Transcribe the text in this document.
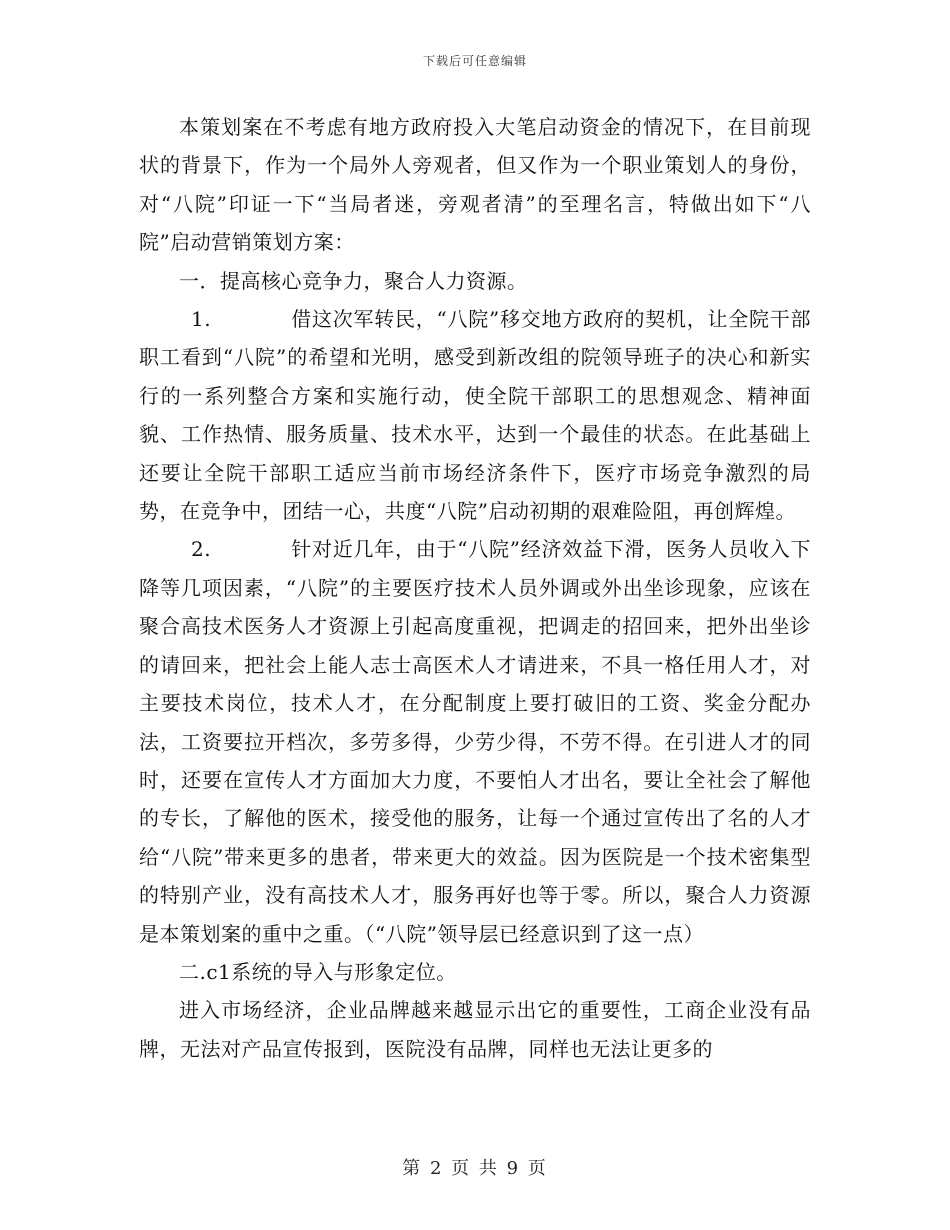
下载后可任意编辑

本策划案在不考虑有地方政府投入大笔启动资金的情况下，在目前现状的背景下，作为一个局外人旁观者，但又作为一个职业策划人的身份，对“八院”印证一下“当局者迷，旁观者清”的至理名言，特做出如下“八院”启动营销策划方案：

一．提高核心竞争力，聚合人力资源。

1.	借这次军转民，“八院”移交地方政府的契机，让全院干部职工看到“八院”的希望和光明，感受到新改组的院领导班子的决心和新实行的一系列整合方案和实施行动，使全院干部职工的思想观念、精神面貌、工作热情、服务质量、技术水平，达到一个最佳的状态。在此基础上还要让全院干部职工适应当前市场经济条件下，医疗市场竞争激烈的局势，在竞争中，团结一心，共度“八院”启动初期的艰难险阻，再创辉煌。

2.	针对近几年，由于“八院”经济效益下滑，医务人员收入下降等几项因素，“八院”的主要医疗技术人员外调或外出坐诊现象，应该在聚合高技术医务人才资源上引起高度重视，把调走的招回来，把外出坐诊的请回来，把社会上能人志士高医术人才请进来，不具一格任用人才，对主要技术岗位，技术人才，在分配制度上要打破旧的工资、奖金分配办法，工资要拉开档次，多劳多得，少劳少得，不劳不得。在引进人才的同时，还要在宣传人才方面加大力度，不要怕人才出名，要让全社会了解他的专长，了解他的医术，接受他的服务，让每一个通过宣传出了名的人才给“八院”带来更多的患者，带来更大的效益。因为医院是一个技术密集型的特别产业，没有高技术人才，服务再好也等于零。所以，聚合人力资源是本策划案的重中之重。（“八院”领导层已经意识到了这一点）

二.c1系统的导入与形象定位。

进入市场经济，企业品牌越来越显示出它的重要性，工商企业没有品牌，无法对产品宣传报到，医院没有品牌，同样也无法让更多的

第 2 页 共 9 页
